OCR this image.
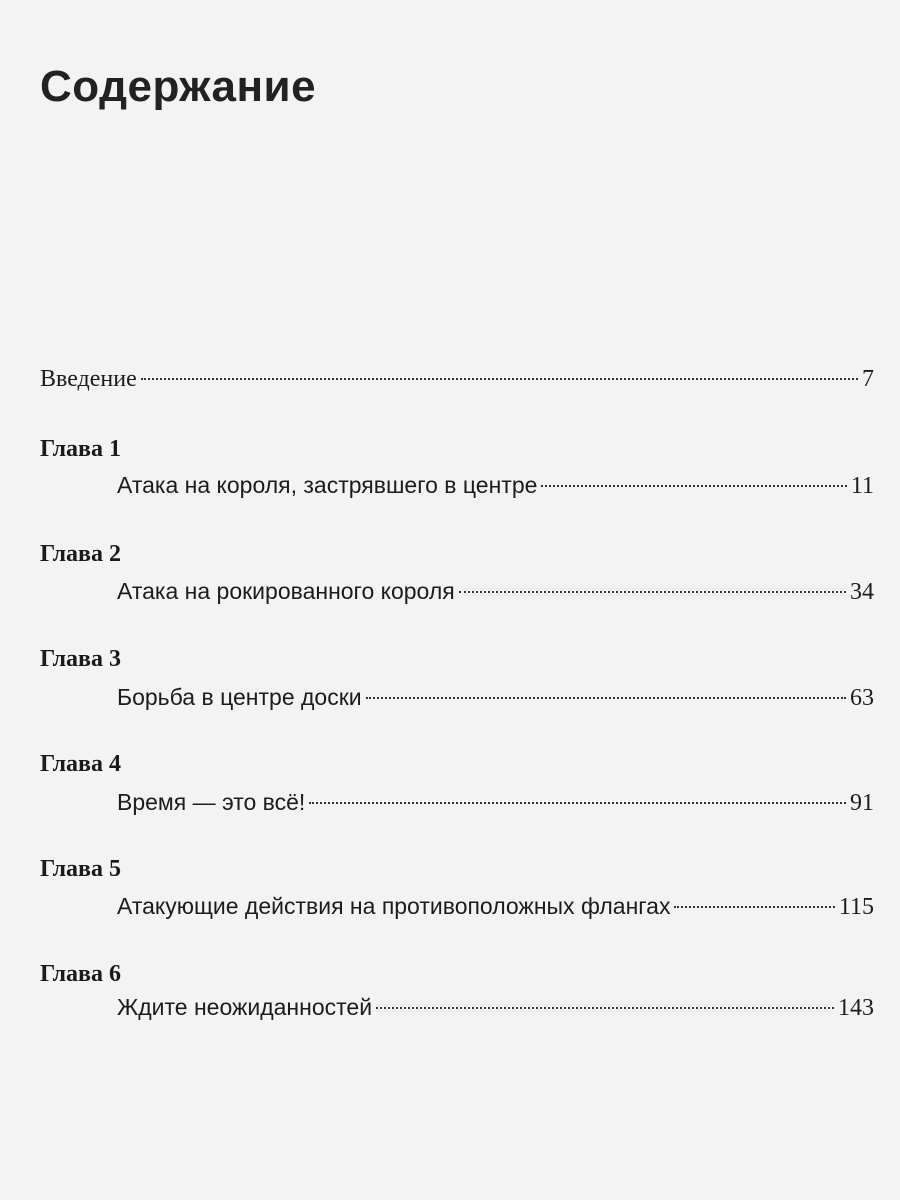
Содержание
Введение	7
Глава 1
Атака на короля, застрявшего в центре	11
Глава 2
Атака на рокированного короля	34
Глава 3
Борьба в центре доски	63
Глава 4
Время — это всё!	91
Глава 5
Атакующие действия на противоположных флангах	115
Глава 6
Ждите неожиданностей	143
